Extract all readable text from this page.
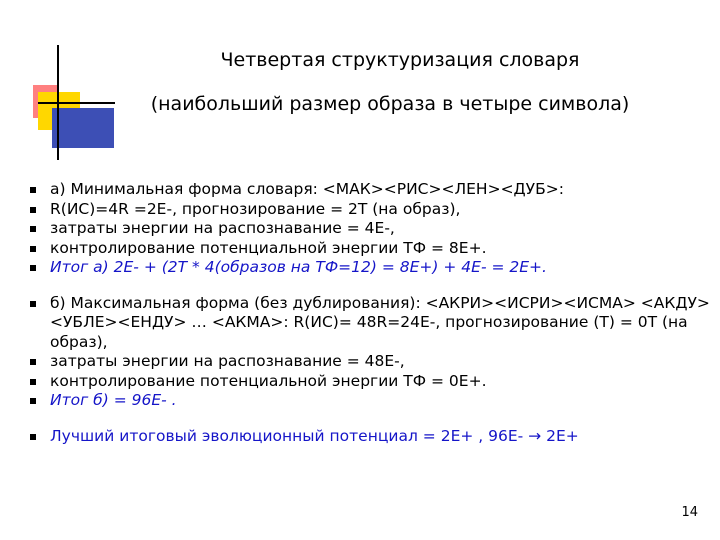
Четвертая структуризация словаря
(наибольший размер образа в четыре символа)
а) Минимальная форма словаря: <МАК><РИС><ЛЕН><ДУБ>:
R(ИС)=4R =2E-, прогнозирование = 2T (на образ),
затраты энергии на распознавание = 4E-,
контролирование потенциальной энергии ТФ = 8E+.
Итог а) 2E- + (2T * 4(образов на ТФ=12) = 8E+) + 4E- = 2E+.
б) Максимальная форма (без дублирования): <АКРИ><ИСРИ><ИСМА> <АКДУ><УБЛЕ><ЕНДУ> … <АКМА>: R(ИС)= 48R=24E-, прогнозирование (T) = 0T (на образ),
затраты энергии на распознавание = 48E-,
контролирование потенциальной энергии ТФ = 0E+.
Итог б) = 96E- .
Лучший итоговый эволюционный потенциал = 2E+ , 96E- → 2E+
14
